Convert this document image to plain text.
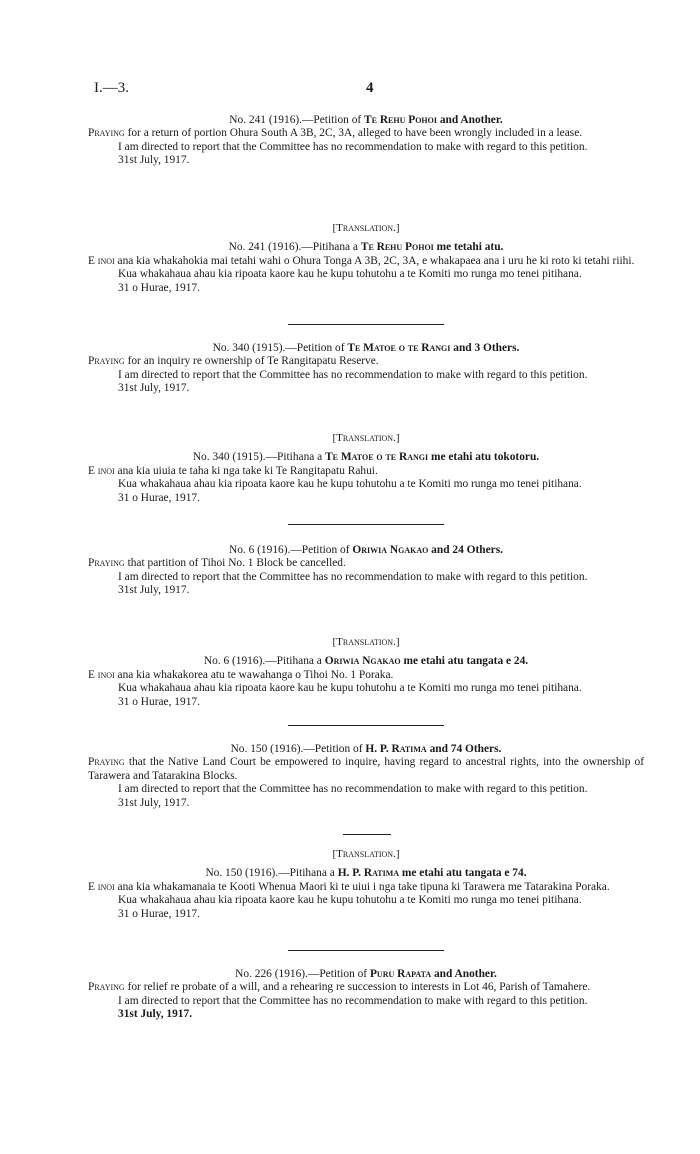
I.—3.	4
No. 241 (1916).—Petition of Te Rehu Pohoi and Another.
Praying for a return of portion Ohura South A 3B, 2C, 3A, alleged to have been wrongly included in a lease.
I am directed to report that the Committee has no recommendation to make with regard to this petition.
31st July, 1917.
[Translation.]
No. 241 (1916).—Pitihana a Te Rehu Pohoi me tetahi atu.
E inoi ana kia whakahokia mai tetahi wahi o Ohura Tonga A 3B, 2C, 3A, e whakapaea ana i uru he ki roto ki tetahi riihi.
Kua whakahaua ahau kia ripoata kaore kau he kupu tohutohu a te Komiti mo runga mo tenei pitihana.
31 o Hurae, 1917.
No. 340 (1915).—Petition of Te Matoe o te Rangi and 3 Others.
Praying for an inquiry re ownership of Te Rangitapatu Reserve.
I am directed to report that the Committee has no recommendation to make with regard to this petition.
31st July, 1917.
[Translation.]
No. 340 (1915).—Pitihana a Te Matoe o te Rangi me etahi atu tokotoru.
E inoi ana kia uiuia te taha ki nga take ki Te Rangitapatu Rahui.
Kua whakahaua ahau kia ripoata kaore kau he kupu tohutohu a te Komiti mo runga mo tenei pitihana.
31 o Hurae, 1917.
No. 6 (1916).—Petition of Oriwia Ngakao and 24 Others.
Praying that partition of Tihoi No. 1 Block be cancelled.
I am directed to report that the Committee has no recommendation to make with regard to this petition.
31st July, 1917.
[Translation.]
No. 6 (1916).—Pitihana a Oriwia Ngakao me etahi atu tangata e 24.
E inoi ana kia whakakorea atu te wawahanga o Tihoi No. 1 Poraka.
Kua whakahaua ahau kia ripoata kaore kau he kupu tohutohu a te Komiti mo runga mo tenei pitihana.
31 o Hurae, 1917.
No. 150 (1916).—Petition of H. P. Ratima and 74 Others.
Praying that the Native Land Court be empowered to inquire, having regard to ancestral rights, into the ownership of Tarawera and Tatarakina Blocks.
I am directed to report that the Committee has no recommendation to make with regard to this petition.
31st July, 1917.
[Translation.]
No. 150 (1916).—Pitihana a H. P. Ratima me etahi atu tangata e 74.
E inoi ana kia whakamanaia te Kooti Whenua Maori ki te uiui i nga take tipuna ki Tarawera me Tatarakina Poraka.
Kua whakahaua ahau kia ripoata kaore kau he kupu tohutohu a te Komiti mo runga mo tenei pitihana.
31 o Hurae, 1917.
No. 226 (1916).—Petition of Puru Rapata and Another.
Praying for relief re probate of a will, and a rehearing re succession to interests in Lot 46, Parish of Tamahere.
I am directed to report that the Committee has no recommendation to make with regard to this petition.
31st July, 1917.
